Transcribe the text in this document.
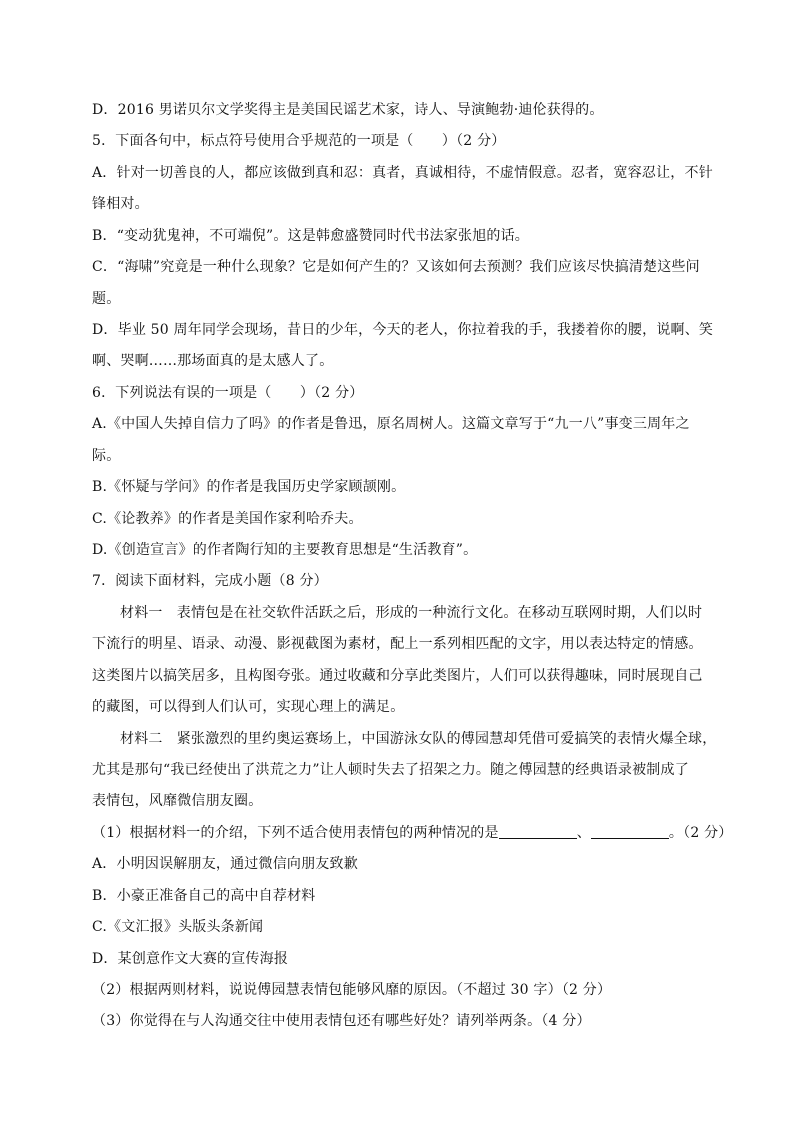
D．2016 男诺贝尔文学奖得主是美国民谣艺术家，诗人、导演鲍勃·迪伦获得的。
5．下面各句中，标点符号使用合乎规范的一项是（　　）（2 分）
A．针对一切善良的人，都应该做到真和忍：真者，真诚相待，不虚情假意。忍者，宽容忍让，不针
锋相对。
B．“变动犹鬼神，不可端倪”。这是韩愈盛赞同时代书法家张旭的话。
C．“海啸”究竟是一种什么现象？它是如何产生的？又该如何去预测？我们应该尽快搞清楚这些问
题。
D．毕业 50 周年同学会现场，昔日的少年，今天的老人，你拉着我的手，我搂着你的腰，说啊、笑
啊、哭啊……那场面真的是太感人了。
6．下列说法有误的一项是（　　）（2 分）
A.《中国人失掉自信力了吗》的作者是鲁迅，原名周树人。这篇文章写于“九一八”事变三周年之
际。
B.《怀疑与学问》的作者是我国历史学家顾颉刚。
C.《论教养》的作者是美国作家利哈乔夫。
D.《创造宣言》的作者陶行知的主要教育思想是“生活教育”。
7．阅读下面材料，完成小题（8 分）
材料一　表情包是在社交软件活跃之后，形成的一种流行文化。在移动互联网时期，人们以时
下流行的明星、语录、动漫、影视截图为素材，配上一系列相匹配的文字，用以表达特定的情感。
这类图片以搞笑居多，且构图夸张。通过收藏和分享此类图片，人们可以获得趣味，同时展现自己
的藏图，可以得到人们认可，实现心理上的满足。
材料二　紧张激烈的里约奥运赛场上，中国游泳女队的傅园慧却凭借可爱搞笑的表情火爆全球，
尤其是那句“我已经使出了洪荒之力”让人顿时失去了招架之力。随之傅园慧的经典语录被制成了
表情包，风靡微信朋友圈。
（1）根据材料一的介绍，下列不适合使用表情包的两种情况的是	、	。（2 分）
A．小明因误解朋友，通过微信向朋友致歉
B．小豪正准备自己的高中自荐材料
C.《文汇报》头版头条新闻
D．某创意作文大赛的宣传海报
（2）根据两则材料，说说傅园慧表情包能够风靡的原因。（不超过 30 字）（2 分）
（3）你觉得在与人沟通交往中使用表情包还有哪些好处？请列举两条。（4 分）
